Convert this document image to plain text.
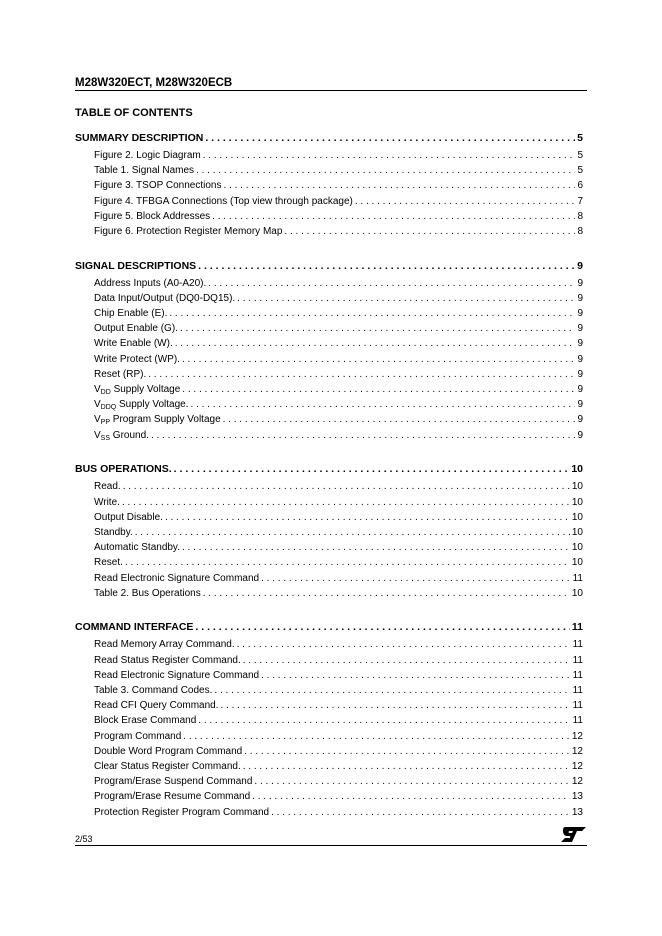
M28W320ECT, M28W320ECB
TABLE OF CONTENTS
SUMMARY DESCRIPTION . . .	5
Figure 2. Logic Diagram . . .	5
Table 1. Signal Names . . .	5
Figure 3. TSOP Connections . . .	6
Figure 4. TFBGA Connections (Top view through package) . . .	7
Figure 5. Block Addresses . . .	8
Figure 6. Protection Register Memory Map . . .	8
SIGNAL DESCRIPTIONS . . .	9
Address Inputs (A0-A20). . . .	9
Data Input/Output (DQ0-DQ15). . . .	9
Chip Enable (E). . . .	9
Output Enable (G). . . .	9
Write Enable (W). . . .	9
Write Protect (WP). . . .	9
Reset (RP). . . .	9
$V_{DD}$ Supply Voltage . . .	9
$V_{DDQ}$ Supply Voltage. . . .	9
$V_{PP}$ Program Supply Voltage . . .	9
$V_{SS}$ Ground. . . .	9
BUS OPERATIONS. . . .	10
Read. . . .	10
Write. . . .	10
Output Disable. . . .	10
Standby. . . .	10
Automatic Standby. . . .	10
Reset. . . .	10
Read Electronic Signature Command . . .	11
Table 2. Bus Operations . . .	10
COMMAND INTERFACE . . .	11
Read Memory Array Command. . . .	11
Read Status Register Command. . . .	11
Read Electronic Signature Command . . .	11
Table 3. Command Codes. . . .	11
Read CFI Query Command. . . .	11
Block Erase Command . . .	11
Program Command . . .	12
Double Word Program Command . . .	12
Clear Status Register Command. . . .	12
Program/Erase Suspend Command . . .	12
Program/Erase Resume Command . . .	13
Protection Register Program Command . . .	13
2/53
